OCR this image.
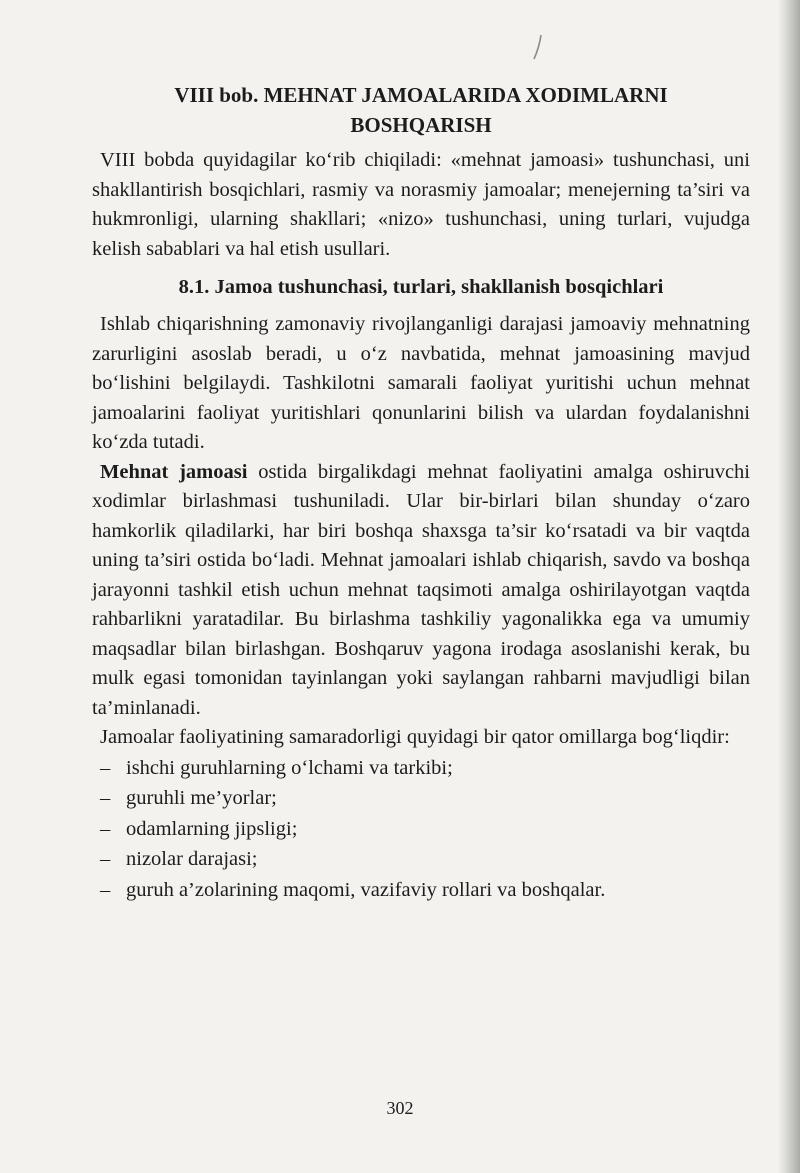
VIII bob. MEHNAT JAMOALARIDA XODIMLARNI BOSHQARISH

VIII bobda quyidagilar ko‘rib chiqiladi: «mehnat jamoasi» tushunchasi, uni shakllantirish bosqichlari, rasmiy va norasmiy jamoalar; menejerning ta’siri va hukmronligi, ularning shakllari; «nizo» tushunchasi, uning turlari, vujudga kelish sabablari va hal etish usullari.

8.1. Jamoa tushunchasi, turlari, shakllanish bosqichlari

Ishlab chiqarishning zamonaviy rivojlanganligi darajasi jamoaviy mehnatning zarurligini asoslab beradi, u o‘z navbatida, mehnat jamoasining mavjud bo‘lishini belgilaydi. Tashkilotni samarali faoliyat yuritishi uchun mehnat jamoalarini faoliyat yuritishlari qonunlarini bilish va ulardan foydalanishni ko‘zda tutadi.

Mehnat jamoasi ostida birgalikdagi mehnat faoliyatini amalga oshiruvchi xodimlar birlashmasi tushuniladi. Ular bir-birlari bilan shunday o‘zaro hamkorlik qiladilarki, har biri boshqa shaxsga ta’sir ko‘rsatadi va bir vaqtda uning ta’siri ostida bo‘ladi. Mehnat jamoalari ishlab chiqarish, savdo va boshqa jarayonni tashkil etish uchun mehnat taqsimoti amalga oshirilayotgan vaqtda rahbarlikni yaratadilar. Bu birlashma tashkiliy yagonalikka ega va umumiy maqsadlar bilan birlashgan. Boshqaruv yagona irodaga asoslanishi kerak, bu mulk egasi tomonidan tayinlangan yoki saylangan rahbarni mavjudligi bilan ta’minlanadi.

Jamoalar faoliyatining samaradorligi quyidagi bir qator omillarga bog‘liqdir:

– ishchi guruhlarning o‘lchami va tarkibi;
– guruhli me’yorlar;
– odamlarning jipsligi;
– nizolar darajasi;
– guruh a’zolarining maqomi, vazifaviy rollari va boshqalar.
302
